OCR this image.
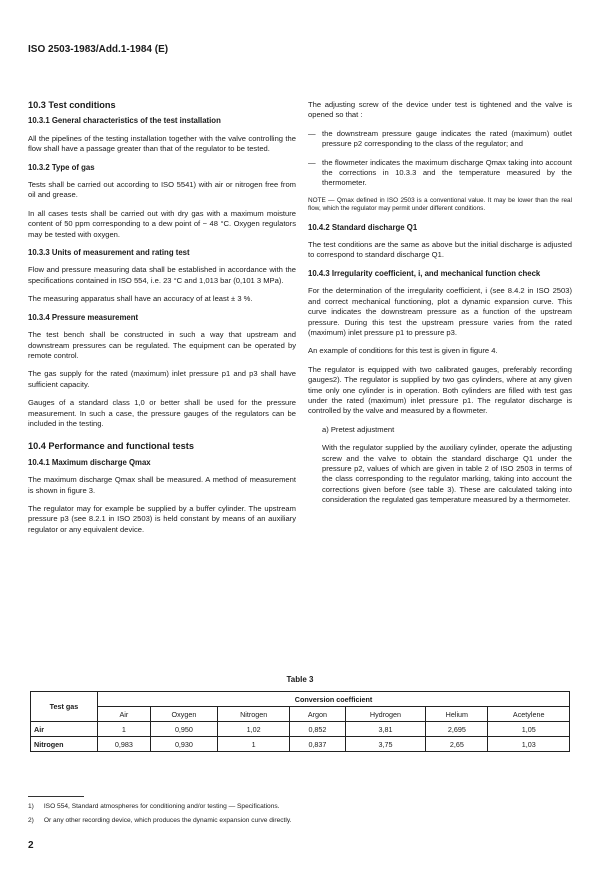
ISO 2503-1983/Add.1-1984 (E)
10.3 Test conditions
10.3.1 General characteristics of the test installation
All the pipelines of the testing installation together with the valve controlling the flow shall have a passage greater than that of the regulator to be tested.
10.3.2 Type of gas
Tests shall be carried out according to ISO 5541) with air or nitrogen free from oil and grease.
In all cases tests shall be carried out with dry gas with a maximum moisture content of 50 ppm corresponding to a dew point of − 48 °C. Oxygen regulators may be tested with oxygen.
10.3.3 Units of measurement and rating test
Flow and pressure measuring data shall be established in accordance with the specifications contained in ISO 554, i.e. 23 °C and 1,013 bar (0,101 3 MPa).
The measuring apparatus shall have an accuracy of at least ± 3 %.
10.3.4 Pressure measurement
The test bench shall be constructed in such a way that upstream and downstream pressures can be regulated. The equipment can be operated by remote control.
The gas supply for the rated (maximum) inlet pressure p1 and p3 shall have sufficient capacity.
Gauges of a standard class 1,0 or better shall be used for the pressure measurement. In such a case, the pressure gauges of the regulators can be included in the testing.
10.4 Performance and functional tests
10.4.1 Maximum discharge Qmax
The maximum discharge Qmax shall be measured. A method of measurement is shown in figure 3.
The regulator may for example be supplied by a buffer cylinder. The upstream pressure p3 (see 8.2.1 in ISO 2503) is held constant by means of an auxiliary regulator or any equivalent device.
The adjusting screw of the device under test is tightened and the valve is opened so that :
— the downstream pressure gauge indicates the rated (maximum) outlet pressure p2 corresponding to the class of the regulator; and
— the flowmeter indicates the maximum discharge Qmax taking into account the corrections in 10.3.3 and the temperature measured by the thermometer.
NOTE — Qmax defined in ISO 2503 is a conventional value. It may be lower than the real flow, which the regulator may permit under different conditions.
10.4.2 Standard discharge Q1
The test conditions are the same as above but the initial discharge is adjusted to correspond to standard discharge Q1.
10.4.3 Irregularity coefficient, i, and mechanical function check
For the determination of the irregularity coefficient, i (see 8.4.2 in ISO 2503) and correct mechanical functioning, plot a dynamic expansion curve. This curve indicates the downstream pressure as a function of the upstream pressure. During this test the upstream pressure varies from the rated (maximum) inlet pressure p1 to pressure p3.
An example of conditions for this test is given in figure 4.
The regulator is equipped with two calibrated gauges, preferably recording gauges2). The regulator is supplied by two gas cylinders, where at any given time only one cylinder is in operation. Both cylinders are filled with test gas under the rated (maximum) inlet pressure p1. The regulator discharge is controlled by the valve and measured by a flowmeter.
a) Pretest adjustment
With the regulator supplied by the auxiliary cylinder, operate the adjusting screw and the valve to obtain the standard discharge Q1 under the pressure p2, values of which are given in table 2 of ISO 2503 in terms of the class corresponding to the regulator marking, taking into account the corrections given before (see table 3). These are calculated taking into consideration the regulated gas temperature measured by a thermometer.
Table 3
Test gas	Conversion coefficient						
	Air	Oxygen	Nitrogen	Argon	Hydrogen	Helium	Acetylene
Air	1	0,950	1,02	0,852	3,81	2,695	1,05
Nitrogen	0,983	0,930	1	0,837	3,75	2,65	1,03
1) ISO 554, Standard atmospheres for conditioning and/or testing — Specifications.
2) Or any other recording device, which produces the dynamic expansion curve directly.
2
